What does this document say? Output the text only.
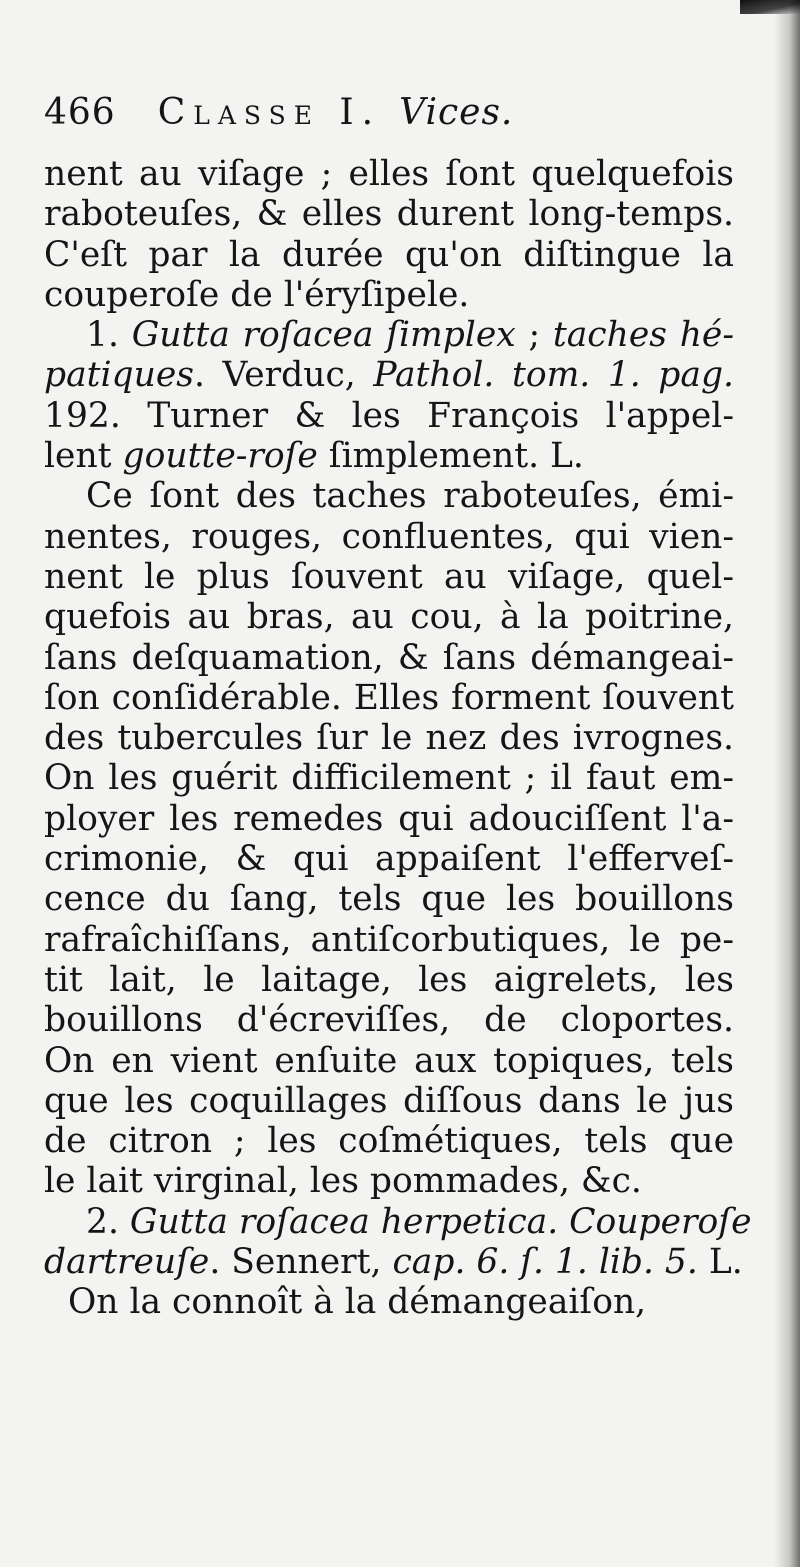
466 Classe I. Vices.
nent au viſage ; elles ſont quelquefois
raboteuſes, & elles durent long-temps.
C'eſt par la durée qu'on diſtingue la
couperoſe de l'éryſipele.
1. Gutta roſacea ſimplex ; taches hé-
patiques. Verduc, Pathol. tom. 1. pag.
192. Turner & les François l'appel-
lent goutte-roſe ſimplement. L.
Ce ſont des taches raboteuſes, émi-
nentes, rouges, confluentes, qui vien-
nent le plus ſouvent au viſage, quel-
quefois au bras, au cou, à la poitrine,
ſans deſquamation, & ſans démangeai-
ſon conſidérable. Elles forment ſouvent
des tubercules ſur le nez des ivrognes.
On les guérit difficilement ; il faut em-
ployer les remedes qui adouciſſent l'a-
crimonie, & qui appaiſent l'efferveſ-
cence du ſang, tels que les bouillons
rafraîchiſſans, antiſcorbutiques, le pe-
tit lait, le laitage, les aigrelets, les
bouillons d'écreviſſes, de cloportes.
On en vient enſuite aux topiques, tels
que les coquillages diſſous dans le jus
de citron ; les coſmétiques, tels que
le lait virginal, les pommades, &c.
2. Gutta roſacea herpetica. Couperoſe
dartreuſe. Sennert, cap. 6. ſ. 1. lib. 5. L.
On la connoît à la démangeaiſon,
